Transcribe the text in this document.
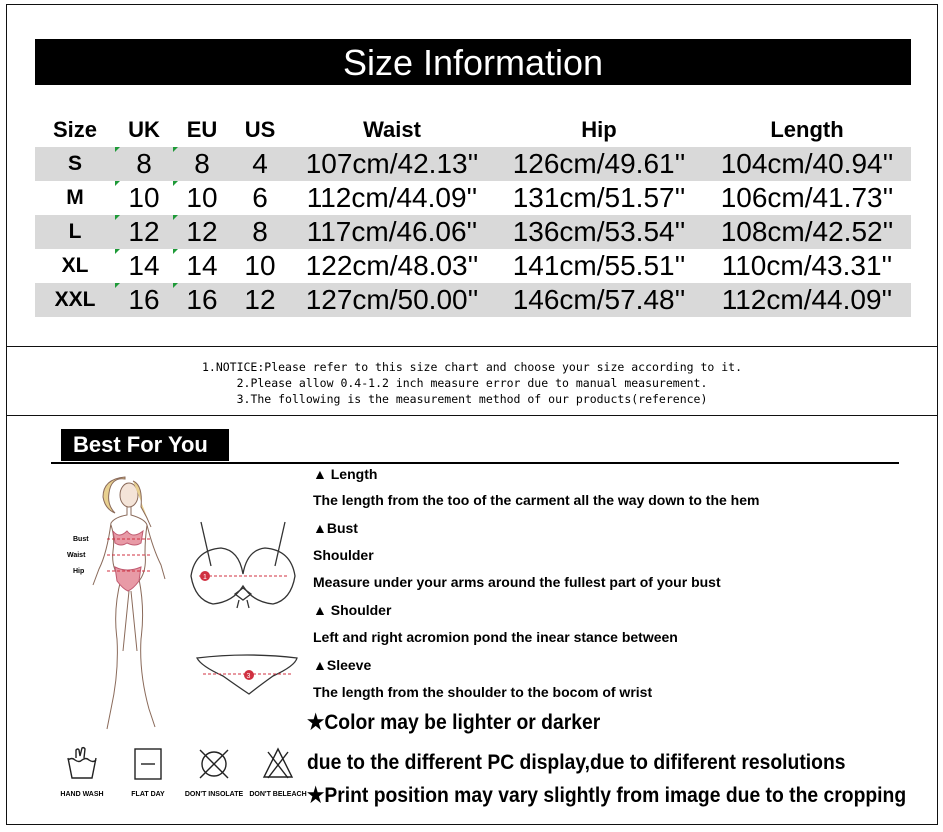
Size Information
Size	UK	EU	US	Waist	Hip	Length
S	8	8	4	107cm/42.13''	126cm/49.61''	104cm/40.94''
M	10	10	6	112cm/44.09''	131cm/51.57''	106cm/41.73''
L	12	12	8	117cm/46.06''	136cm/53.54''	108cm/42.52''
XL	14	14	10	122cm/48.03''	141cm/55.51''	110cm/43.31''
XXL	16	16	12	127cm/50.00''	146cm/57.48''	112cm/44.09''
1.NOTICE:Please refer to this size chart and choose your size according to it.
2.Please allow 0.4-1.2 inch measure error due to manual measurement.
3.The following is the measurement method of our products(reference)
Best For You
Bust
Waist
Hip
1
3
▲ Length
The length from the too of the carment all the way down to the hem
▲Bust
Shoulder
Measure under your arms around the fullest part of your bust
▲ Shoulder
Left and right acromion pond the inear stance between
▲Sleeve
The length from the shoulder to the bocom of wrist
★Color may be lighter or darker
due to the different PC display,due to dififerent resolutions
★Print position may vary slightly from image due to the cropping
HAND WASH	FLAT DAY	DON'T INSOLATE DON'T BELEACH
